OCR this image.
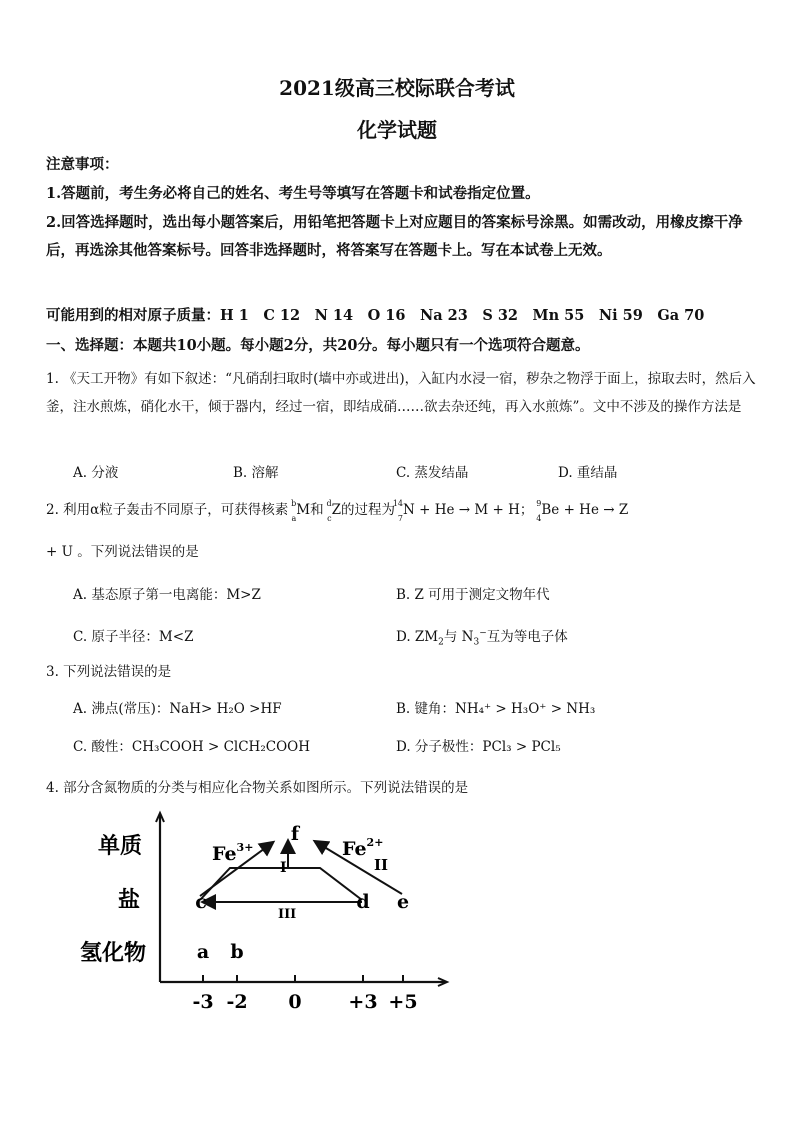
2021级高三校际联合考试
化学试题
注意事项：
1.答题前，考生务必将自己的姓名、考生号等填写在答题卡和试卷指定位置。
2.回答选择题时，选出每小题答案后，用铅笔把答题卡上对应题目的答案标号涂黑。如需改动，用橡皮擦干净后，再选涂其他答案标号。回答非选择题时，将答案写在答题卡上。写在本试卷上无效。
可能用到的相对原子质量：H 1　C 12　N 14　O 16　Na 23　S 32　Mn 55　Ni 59　Ga 70
一、选择题：本题共10小题。每小题2分，共20分。每小题只有一个选项符合题意。
1. 《天工开物》有如下叙述：“凡硝刮扫取时(墙中亦或进出)，入缸内水浸一宿，秽杂之物浮于面上，掠取去时，然后入釜，注水煎炼，硝化水干，倾于器内，经过一宿，即结成硝……欲去杂还纯，再入水煎炼”。文中不涉及的操作方法是
A. 分液	B. 溶解	C. 蒸发结晶	D. 重结晶
2. 利用α粒子轰击不同原子，可获得核素 b
a M和 d
c Z的过程为
14
7 N + He → M + H； 9
4 Be + He → Z
+ U 。下列说法错误的是
A. 基态原子第一电离能：M>Z	B. Z 可用于测定文物年代
C. 原子半径：M<Z	D. $ZM_2$与 $N_3^-$互为等电子体
3. 下列说法错误的是
A. 沸点(常压)：NaH> H₂O >HF	B. 键角：NH₄⁺ > H₃O⁺ > NH₃
C. 酸性：CH₃COOH > ClCH₂COOH	D. 分子极性：PCl₃ > PCl₅
4. 部分含氮物质的分类与相应化合物关系如图所示。下列说法错误的是
单质
盐
氢化物
-3 -2 0 +3 +5
$Fe^{3+}$	$Fe^{2+}$
I	II
III
a b
c	d e
f
